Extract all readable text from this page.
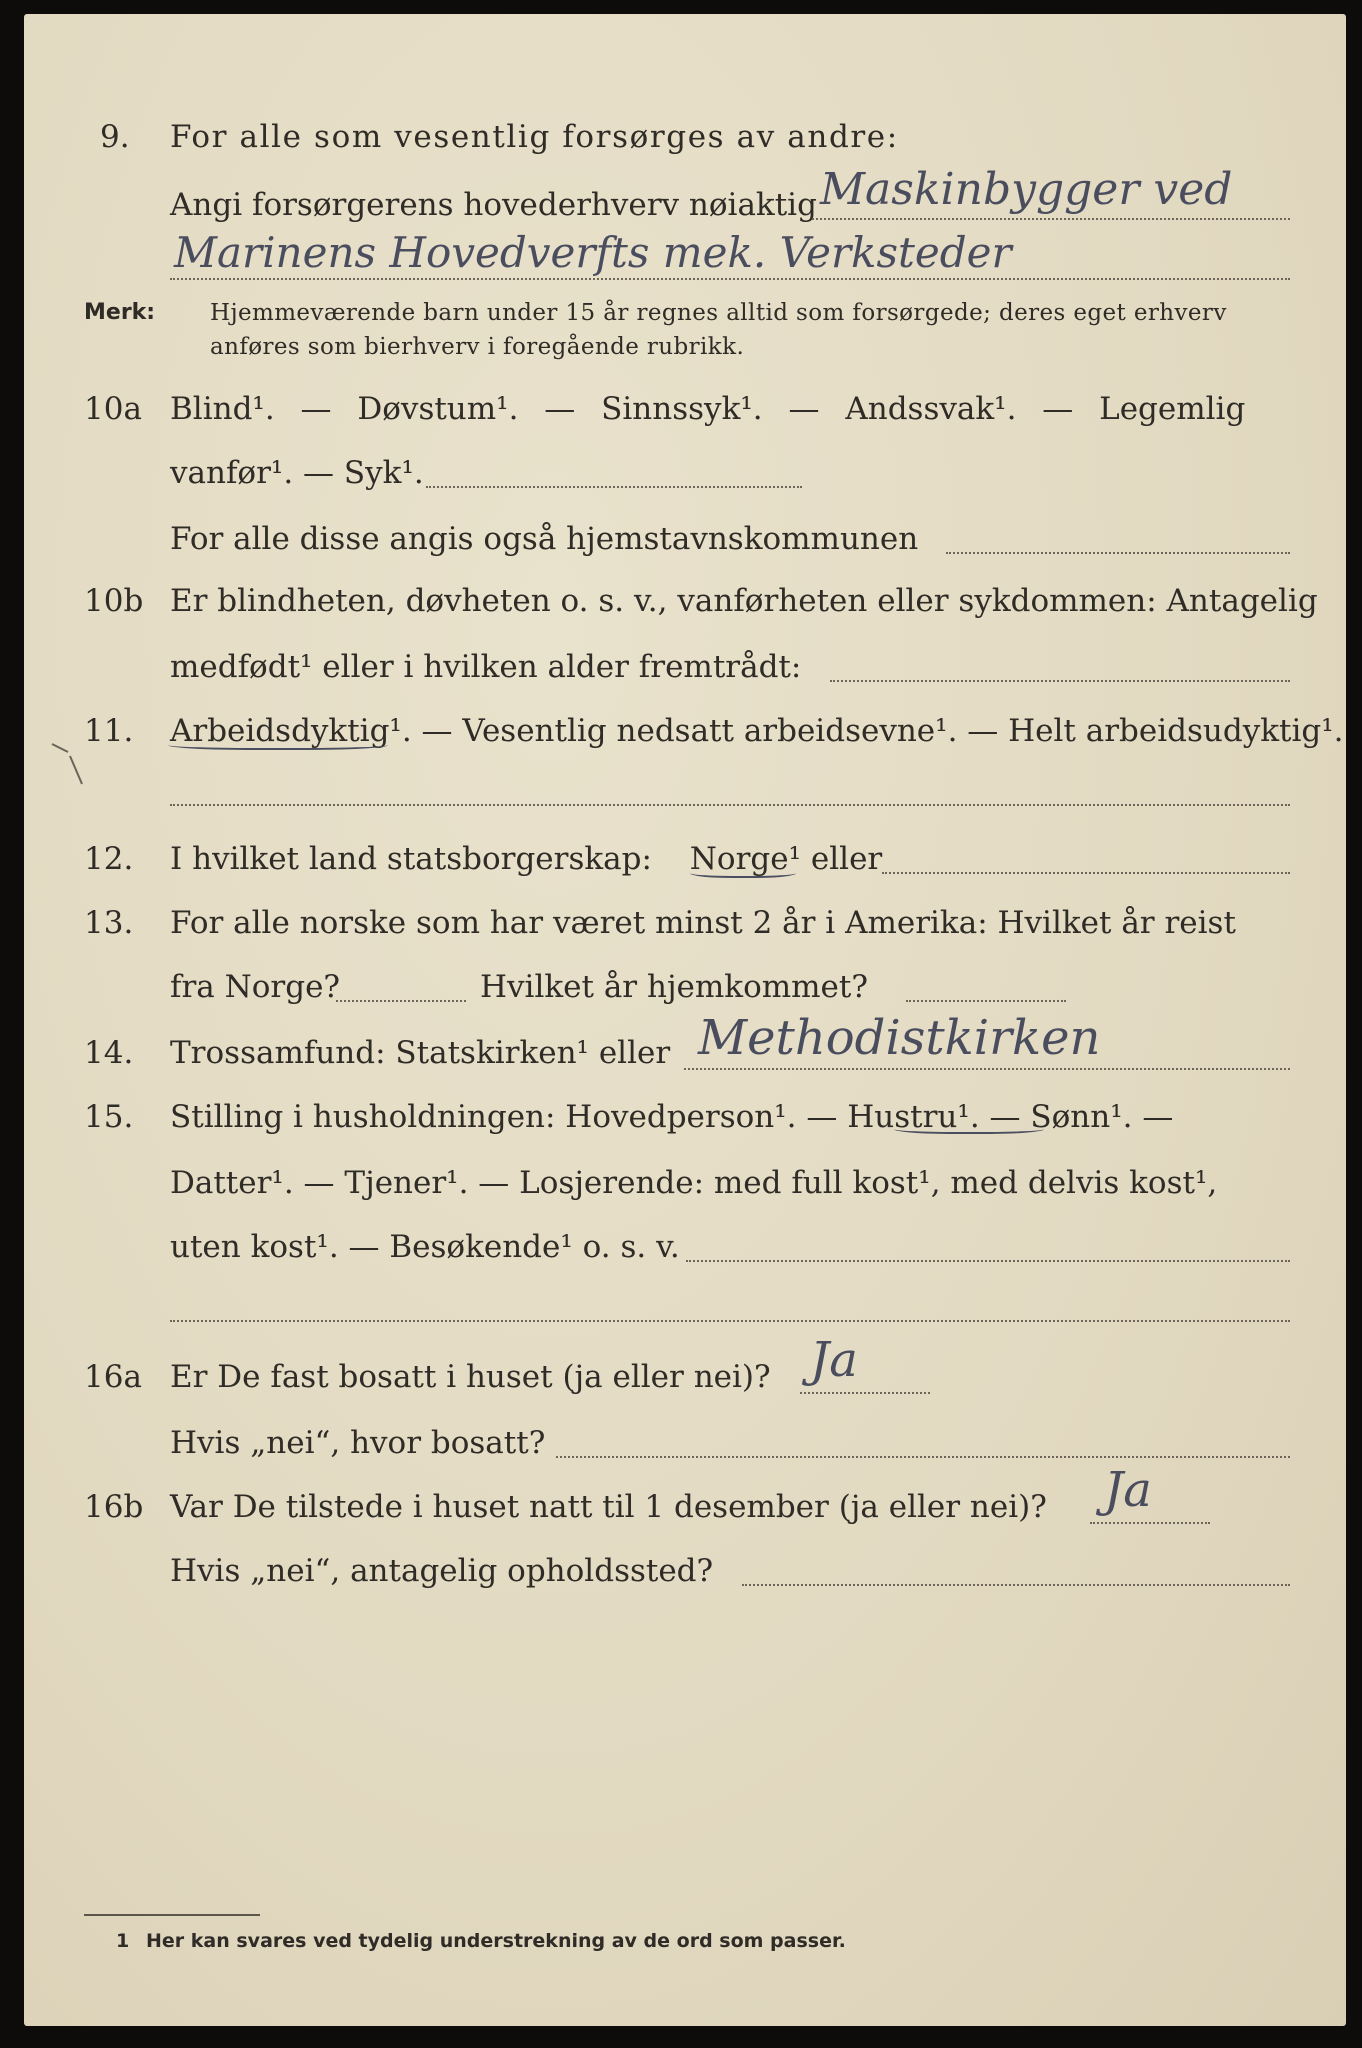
9. For alle som vesentlig forsørges av andre:
Angi forsørgerens hovederhverv nøiaktig Maskinbygger ved
Marinens Hovedverfts mek. Verksteder
Merk: Hjemmeværende barn under 15 år regnes alltid som forsørgede; deres eget erhverv
anføres som bierhverv i foregående rubrikk.
10a Blind¹. — Døvstum¹. — Sinnssyk¹. — Andssvak¹. — Legemlig
vanfør¹. — Syk¹.
For alle disse angis også hjemstavnskommunen
10b Er blindheten, døvheten o. s. v., vanførheten eller sykdommen: Antagelig
medfødt¹ eller i hvilken alder fremtrådt:
11. Arbeidsdyktig¹. — Vesentlig nedsatt arbeidsevne¹. — Helt arbeidsudyktig¹.
12. I hvilket land statsborgerskap: Norge¹ eller
13. For alle norske som har været minst 2 år i Amerika: Hvilket år reist
fra Norge?	Hvilket år hjemkommet?
14. Trossamfund: Statskirken¹ eller Methodistkirken
15. Stilling i husholdningen: Hovedperson¹. — Hustru¹. — Sønn¹. —
Datter¹. — Tjener¹. — Losjerende: med full kost¹, med delvis kost¹,
uten kost¹. — Besøkende¹ o. s. v.
16a Er De fast bosatt i huset (ja eller nei)? Ja
Hvis „nei“, hvor bosatt?
16b Var De tilstede i huset natt til 1 desember (ja eller nei)? Ja
Hvis „nei“, antagelig opholdssted?
1 Her kan svares ved tydelig understrekning av de ord som passer.
